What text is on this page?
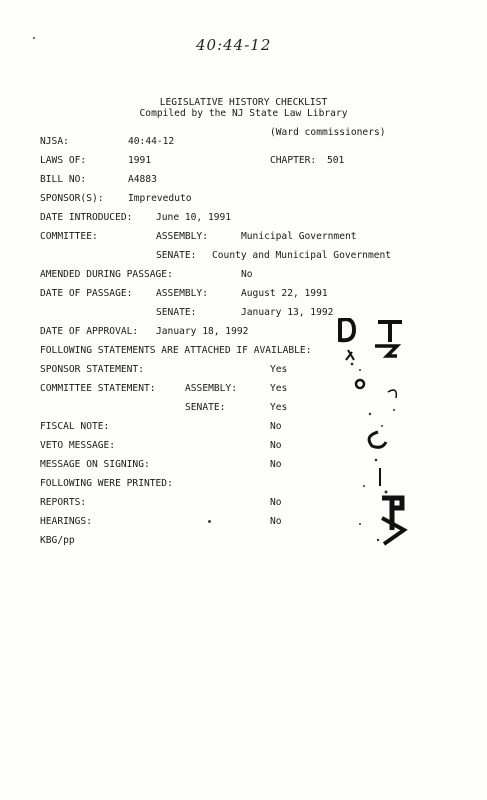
40:44-12
LEGISLATIVE HISTORY CHECKLIST
Compiled by the NJ State Law Library
(Ward commissioners)
NJSA:	40:44-12
LAWS OF:	1991	CHAPTER: 501
BILL NO:	A4883
SPONSOR(S):	Impreveduto
DATE INTRODUCED: June 10, 1991
COMMITTEE:	ASSEMBLY:	Municipal Government
SENATE: County and Municipal Government
AMENDED DURING PASSAGE:	No
DATE OF PASSAGE: ASSEMBLY:	August 22, 1991
SENATE:	January 13, 1992
DATE OF APPROVAL: January 18, 1992
FOLLOWING STATEMENTS ARE ATTACHED IF AVAILABLE:
SPONSOR STATEMENT:	Yes
COMMITTEE STATEMENT:	ASSEMBLY:	Yes
SENATE:	Yes
FISCAL NOTE:	No
VETO MESSAGE:	No
MESSAGE ON SIGNING:	No
FOLLOWING WERE PRINTED:
REPORTS:	No
HEARINGS:	No
KBG/pp
